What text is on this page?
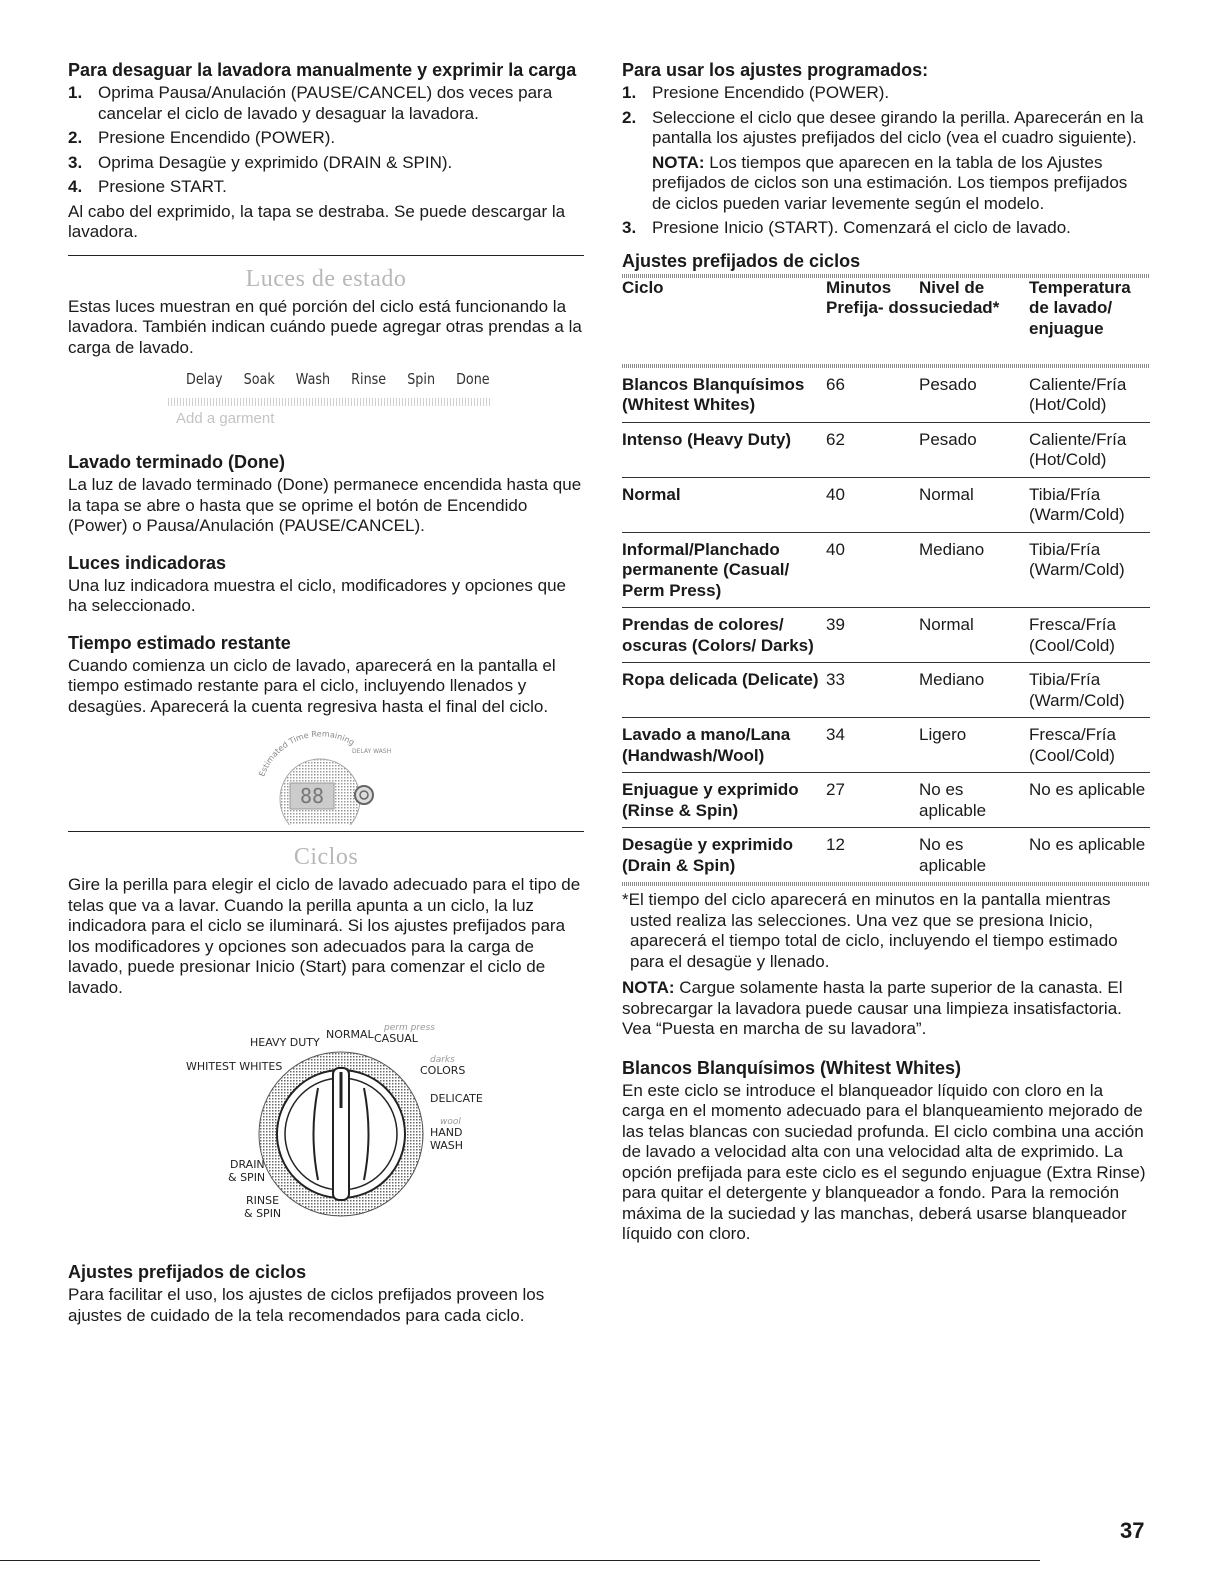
Para desaguar la lavadora manualmente y exprimir la carga
1. Oprima Pausa/Anulación (PAUSE/CANCEL) dos veces para cancelar el ciclo de lavado y desaguar la lavadora.
2. Presione Encendido (POWER).
3. Oprima Desagüe y exprimido (DRAIN & SPIN).
4. Presione START.

Al cabo del exprimido, la tapa se destraba. Se puede descargar la lavadora.

Luces de estado

Estas luces muestran en qué porción del ciclo está funcionando la lavadora. También indican cuándo puede agregar otras prendas a la carga de lavado.

Delay Soak Wash Rinse Spin Done
Add a garment
Lavado terminado (Done)

La luz de lavado terminado (Done) permanece encendida hasta que la tapa se abre o hasta que se oprime el botón de Encendido (Power) o Pausa/Anulación (PAUSE/CANCEL).

Luces indicadoras

Una luz indicadora muestra el ciclo, modificadores y opciones que ha seleccionado.

Tiempo estimado restante

Cuando comienza un ciclo de lavado, aparecerá en la pantalla el tiempo estimado restante para el ciclo, incluyendo llenados y desagües. Aparecerá la cuenta regresiva hasta el final del ciclo.

Estimated Time Remaining
88
DELAY WASH
Ciclos

Gire la perilla para elegir el ciclo de lavado adecuado para el tipo de telas que va a lavar. Cuando la perilla apunta a un ciclo, la luz indicadora para el ciclo se iluminará. Si los ajustes prefijados para los modificadores y opciones son adecuados para la carga de lavado, puede presionar Inicio (Start) para comenzar el ciclo de lavado.

HEAVY DUTY
NORMAL perm press
CASUAL
WHITEST WHITES	darks
COLORS
DELICATE
wool
HAND
WASH
DRAIN
& SPIN
RINSE
& SPIN
Ajustes prefijados de ciclos

Para facilitar el uso, los ajustes de ciclos prefijados proveen los ajustes de cuidado de la tela recomendados para cada ciclo.

Para usar los ajustes programados:
1. Presione Encendido (POWER).
2. Seleccione el ciclo que desee girando la perilla. Aparecerán en la pantalla los ajustes prefijados del ciclo (vea el cuadro siguiente).
NOTA: Los tiempos que aparecen en la tabla de los Ajustes prefijados de ciclos son una estimación. Los tiempos prefijados de ciclos pueden variar levemente según el modelo.
3. Presione Inicio (START). Comenzará el ciclo de lavado.
Ajustes prefijados de ciclos
Ciclo	Minutos Prefija- dos	Nivel de suciedad*	Temperatura de lavado/ enjuague

Blancos Blanquísimos (Whitest Whites)	66	Pesado	Caliente/Fría (Hot/Cold)
Intenso (Heavy Duty)	62	Pesado	Caliente/Fría (Hot/Cold)
Normal	40	Normal	Tibia/Fría (Warm/Cold)
Informal/Planchado permanente (Casual/ Perm Press)	40	Mediano	Tibia/Fría (Warm/Cold)
Prendas de colores/ oscuras (Colors/ Darks)	39	Normal	Fresca/Fría (Cool/Cold)
Ropa delicada (Delicate)	33	Mediano	Tibia/Fría (Warm/Cold)
Lavado a mano/Lana (Handwash/Wool)	34	Ligero	Fresca/Fría (Cool/Cold)
Enjuague y exprimido (Rinse & Spin)	27	No es aplicable	No es aplicable
Desagüe y exprimido (Drain & Spin)	12	No es aplicable	No es aplicable

*El tiempo del ciclo aparecerá en minutos en la pantalla mientras usted realiza las selecciones. Una vez que se presiona Inicio, aparecerá el tiempo total de ciclo, incluyendo el tiempo estimado para el desagüe y llenado.

NOTA: Cargue solamente hasta la parte superior de la canasta. El sobrecargar la lavadora puede causar una limpieza insatisfactoria. Vea “Puesta en marcha de su lavadora”.

Blancos Blanquísimos (Whitest Whites)

En este ciclo se introduce el blanqueador líquido con cloro en la carga en el momento adecuado para el blanqueamiento mejorado de las telas blancas con suciedad profunda. El ciclo combina una acción de lavado a velocidad alta con una velocidad alta de exprimido. La opción prefijada para este ciclo es el segundo enjuague (Extra Rinse) para quitar el detergente y blanqueador a fondo. Para la remoción máxima de la suciedad y las manchas, deberá usarse blanqueador líquido con cloro.

37
